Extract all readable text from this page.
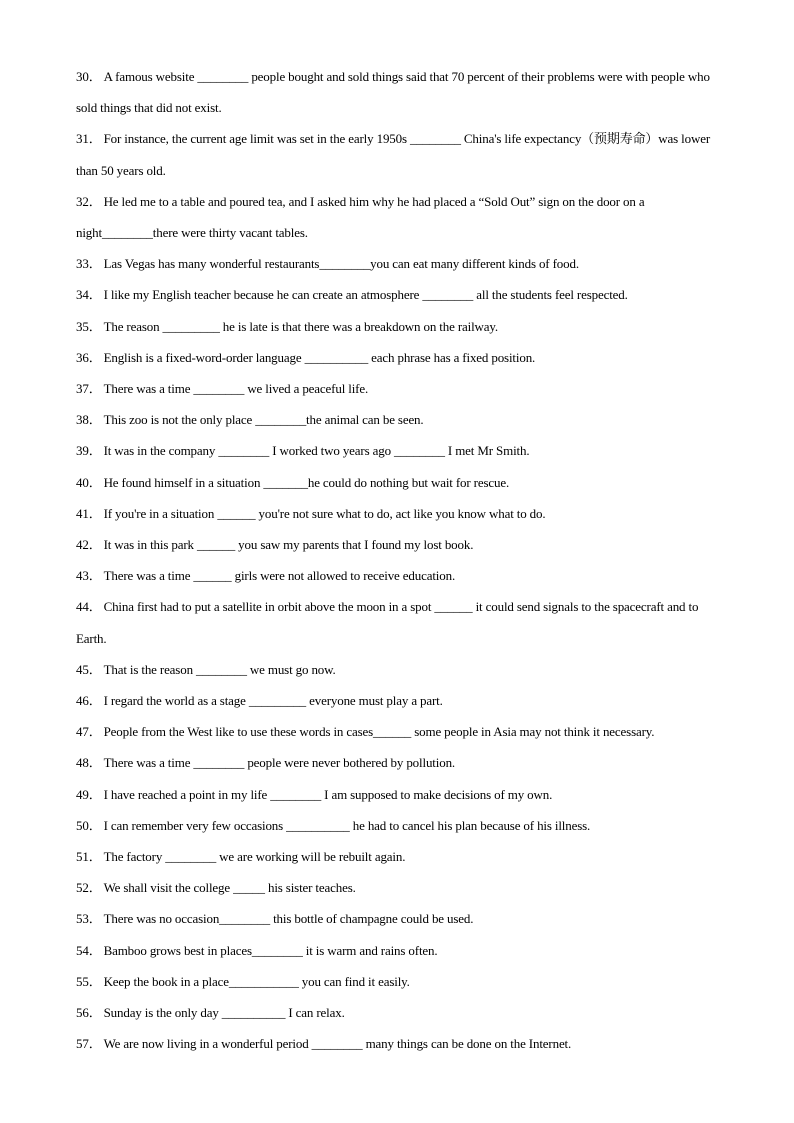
30． A famous website ________ people bought and sold things said that 70 percent of their problems were with people who sold things that did not exist.
31． For instance, the current age limit was set in the early 1950s ________ China's life expectancy（预期寿命）was lower than 50 years old.
32． He led me to a table and poured tea, and I asked him why he had placed a “Sold Out” sign on the door on a night________there were thirty vacant tables.
33． Las Vegas has many wonderful restaurants________you can eat many different kinds of food.
34． I like my English teacher because he can create an atmosphere ________ all the students feel respected.
35． The reason _________ he is late is that there was a breakdown on the railway.
36． English is a fixed-word-order language __________ each phrase has a fixed position.
37． There was a time ________ we lived a peaceful life.
38． This zoo is not the only place ________the animal can be seen.
39． It was in the company ________ I worked two years ago ________ I met Mr Smith.
40． He found himself in a situation _______he could do nothing but wait for rescue.
41． If you're in a situation ______ you're not sure what to do, act like you know what to do.
42． It was in this park ______ you saw my parents that I found my lost book.
43． There was a time ______ girls were not allowed to receive education.
44． China first had to put a satellite in orbit above the moon in a spot ______ it could send signals to the spacecraft and to Earth.
45． That is the reason ________ we must go now.
46． I regard the world as a stage _________ everyone must play a part.
47． People from the West like to use these words in cases______ some people in Asia may not think it necessary.
48． There was a time ________ people were never bothered by pollution.
49． I have reached a point in my life ________ I am supposed to make decisions of my own.
50． I can remember very few occasions __________ he had to cancel his plan because of his illness.
51． The factory ________ we are working will be rebuilt again.
52． We shall visit the college _____ his sister teaches.
53． There was no occasion________ this bottle of champagne could be used.
54． Bamboo grows best in places________ it is warm and rains often.
55． Keep the book in a place___________ you can find it easily.
56． Sunday is the only day __________ I can relax.
57． We are now living in a wonderful period ________ many things can be done on the Internet.
